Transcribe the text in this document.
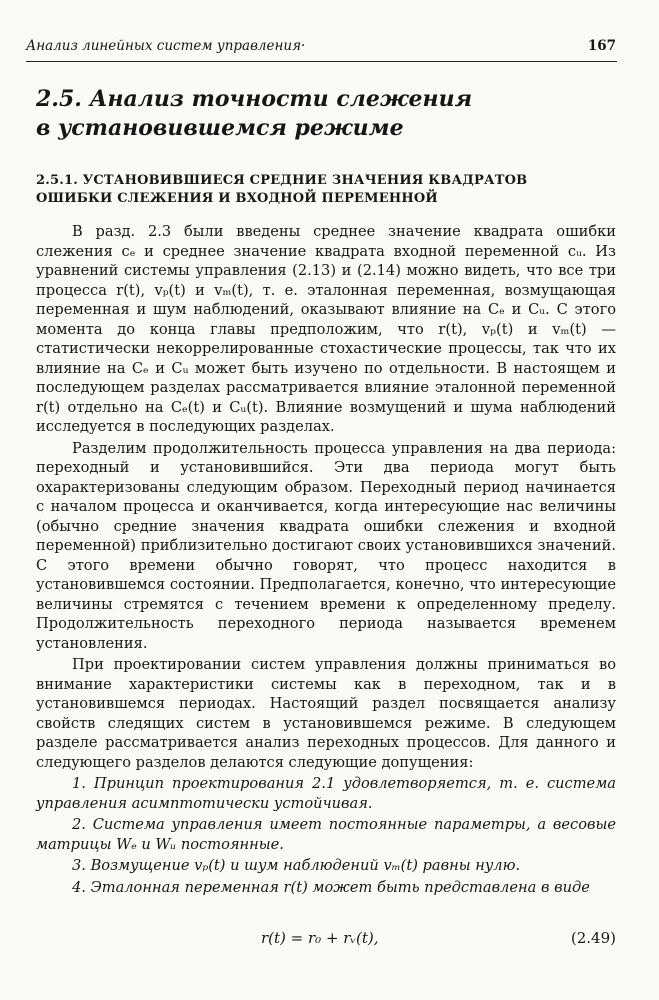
Анализ линейных систем управления·	167
2.5. Анализ точности слежения
в установившемся режиме
2.5.1. УСТАНОВИВШИЕСЯ СРЕДНИЕ ЗНАЧЕНИЯ КВАДРАТОВ
ОШИБКИ СЛЕЖЕНИЯ И ВХОДНОЙ ПЕРЕМЕННОЙ

В разд. 2.3 были введены среднее значение квадрата ошибки слежения cₑ и среднее значение квадрата входной переменной cᵤ. Из уравнений системы управления (2.13) и (2.14) можно видеть, что все три процесса r(t), vₚ(t) и vₘ(t), т. е. эталонная переменная, возмущающая переменная и шум наблюдений, оказывают влияние на Cₑ и Cᵤ. С этого момента до конца главы предположим, что r(t), vₚ(t) и vₘ(t) — статистически некоррелированные стохастические процессы, так что их влияние на Cₑ и Cᵤ может быть изучено по отдельности. В настоящем и последующем разделах рассматривается влияние эталонной переменной r(t) отдельно на Cₑ(t) и Cᵤ(t). Влияние возмущений и шума наблюдений исследуется в последующих разделах.

Разделим продолжительность процесса управления на два периода: переходный и установившийся. Эти два периода могут быть охарактеризованы следующим образом. Переходный период начинается с началом процесса и оканчивается, когда интересующие нас величины (обычно средние значения квадрата ошибки слежения и входной переменной) приблизительно достигают своих установившихся значений. С этого времени обычно говорят, что процесс находится в установившемся состоянии. Предполагается, конечно, что интересующие величины стремятся с течением времени к определенному пределу. Продолжительность переходного периода называется временем установления.

При проектировании систем управления должны приниматься во внимание характеристики системы как в переходном, так и в установившемся периодах. Настоящий раздел посвящается анализу свойств следящих систем в установившемся режиме. В следующем разделе рассматривается анализ переходных процессов. Для данного и следующего разделов делаются следующие допущения:

1. Принцип проектирования 2.1 удовлетворяется, т. е. система управления асимптотически устойчивая.

2. Система управления имеет постоянные параметры, а весовые матрицы Wₑ и Wᵤ постоянные.

3. Возмущение vₚ(t) и шум наблюдений vₘ(t) равны нулю.

4. Эталонная переменная r(t) может быть представлена в виде

r(t) = r₀ + rᵥ(t),	(2.49)
